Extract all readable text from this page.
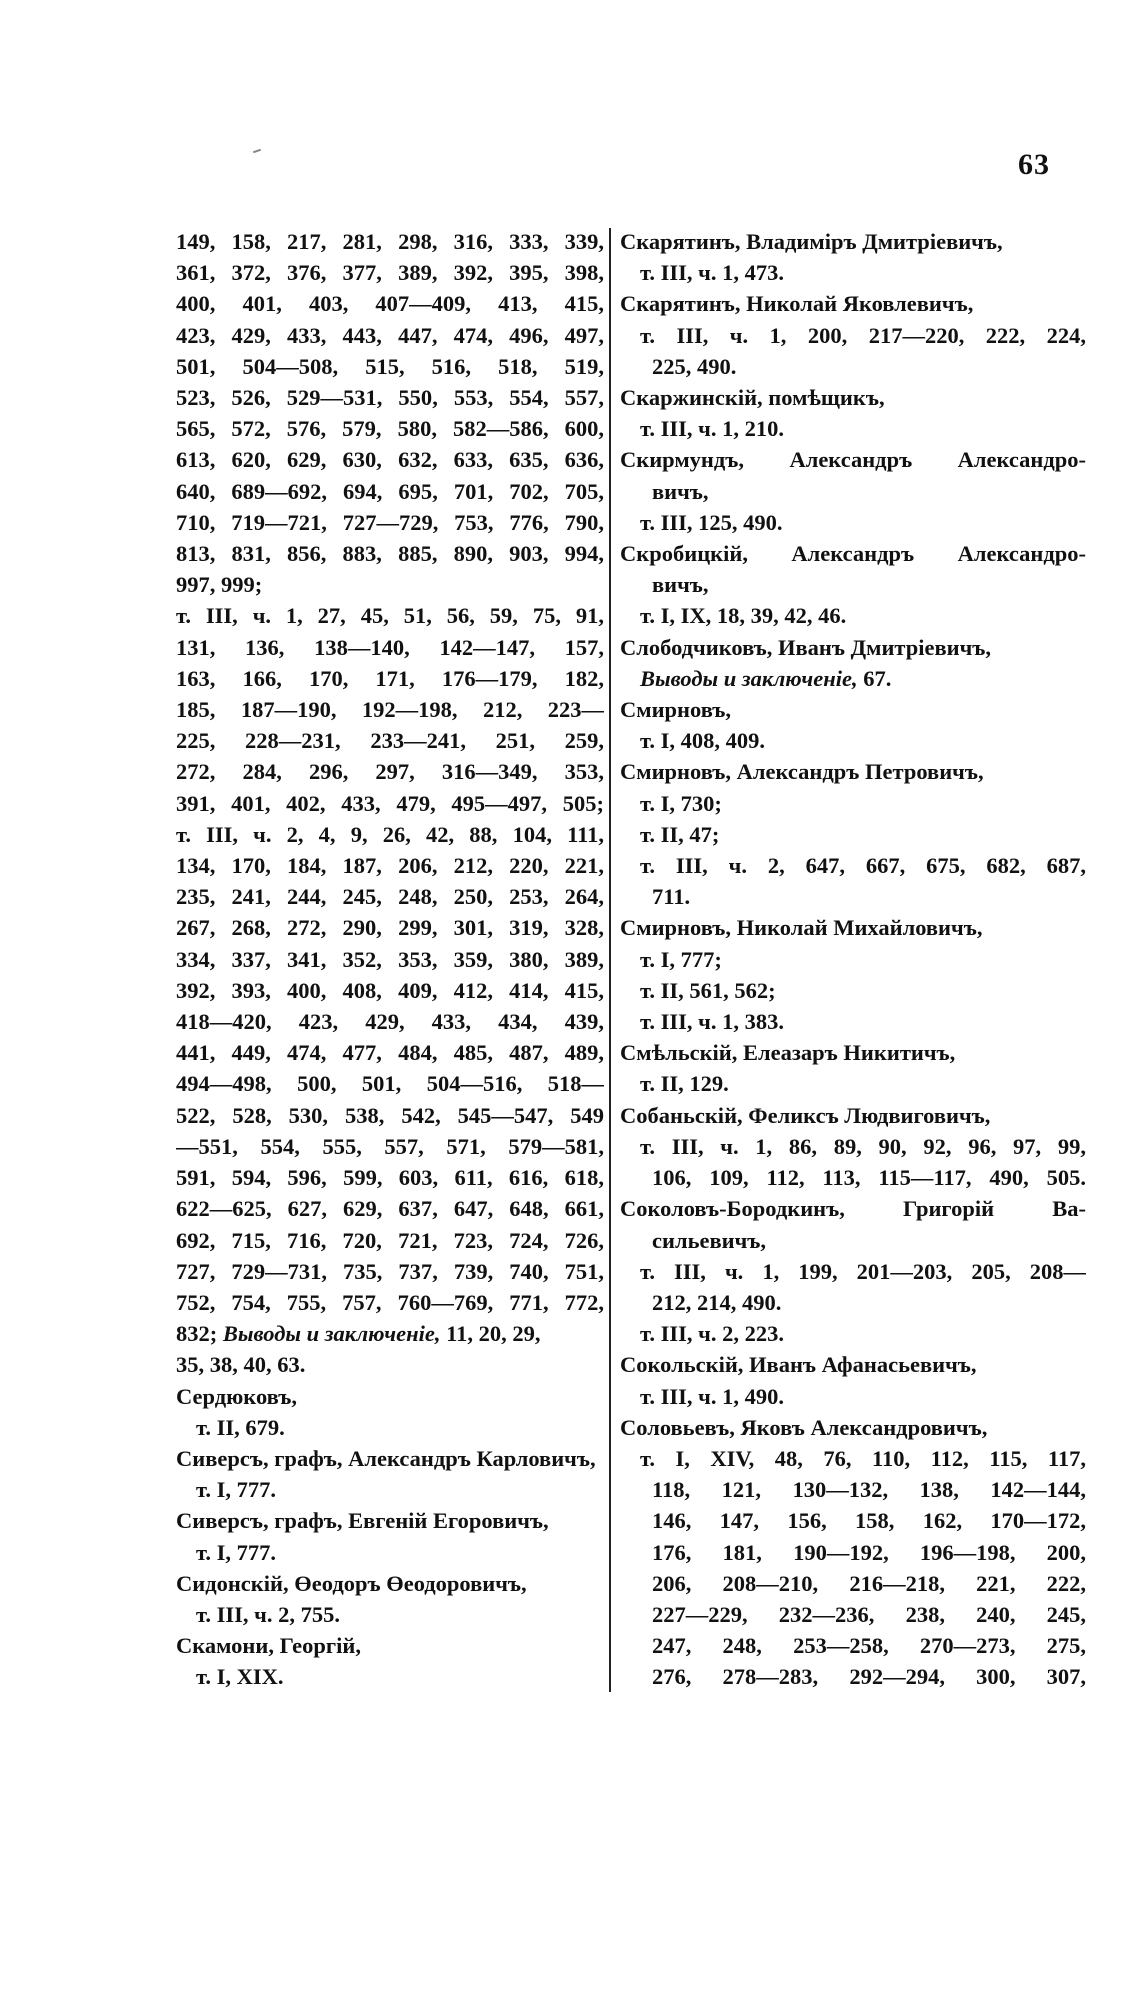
63
149, 158, 217, 281, 298, 316, 333, 339,
361, 372, 376, 377, 389, 392, 395, 398,
400, 401, 403, 407—409, 413, 415,
423, 429, 433, 443, 447, 474, 496, 497,
501, 504—508, 515, 516, 518, 519,
523, 526, 529—531, 550, 553, 554, 557,
565, 572, 576, 579, 580, 582—586, 600,
613, 620, 629, 630, 632, 633, 635, 636,
640, 689—692, 694, 695, 701, 702, 705,
710, 719—721, 727—729, 753, 776, 790,
813, 831, 856, 883, 885, 890, 903, 994,
997, 999;
т. III, ч. 1, 27, 45, 51, 56, 59, 75, 91,
131, 136, 138—140, 142—147, 157,
163, 166, 170, 171, 176—179, 182,
185, 187—190, 192—198, 212, 223—
225, 228—231, 233—241, 251, 259,
272, 284, 296, 297, 316—349, 353,
391, 401, 402, 433, 479, 495—497, 505;
т. III, ч. 2, 4, 9, 26, 42, 88, 104, 111,
134, 170, 184, 187, 206, 212, 220, 221,
235, 241, 244, 245, 248, 250, 253, 264,
267, 268, 272, 290, 299, 301, 319, 328,
334, 337, 341, 352, 353, 359, 380, 389,
392, 393, 400, 408, 409, 412, 414, 415,
418—420, 423, 429, 433, 434, 439,
441, 449, 474, 477, 484, 485, 487, 489,
494—498, 500, 501, 504—516, 518—
522, 528, 530, 538, 542, 545—547, 549
—551, 554, 555, 557, 571, 579—581,
591, 594, 596, 599, 603, 611, 616, 618,
622—625, 627, 629, 637, 647, 648, 661,
692, 715, 716, 720, 721, 723, 724, 726,
727, 729—731, 735, 737, 739, 740, 751,
752, 754, 755, 757, 760—769, 771, 772,
832; Выводы и заключеніе, 11, 20, 29,
35, 38, 40, 63.
Сердюковъ,
т. II, 679.
Сиверсъ, графъ, Александръ Карловичъ,
т. I, 777.
Сиверсъ, графъ, Евгеній Егоровичъ,
т. I, 777.
Сидонскій, Өеодоръ Өеодоровичъ,
т. III, ч. 2, 755.
Скамони, Георгій,
т. I, XIX.
Скарятинъ, Владиміръ Дмитріевичъ,
т. III, ч. 1, 473.
Скарятинъ, Николай Яковлевичъ,
т. III, ч. 1, 200, 217—220, 222, 224,
225, 490.
Скаржинскій, помѣщикъ,
т. III, ч. 1, 210.
Скирмундъ, Александръ Александро-
вичъ,
т. III, 125, 490.
Скробицкій, Александръ Александро-
вичъ,
т. I, IX, 18, 39, 42, 46.
Слободчиковъ, Иванъ Дмитріевичъ,
Выводы и заключеніе, 67.
Смирновъ,
т. I, 408, 409.
Смирновъ, Александръ Петровичъ,
т. I, 730;
т. II, 47;
т. III, ч. 2, 647, 667, 675, 682, 687,
711.
Смирновъ, Николай Михайловичъ,
т. I, 777;
т. II, 561, 562;
т. III, ч. 1, 383.
Смѣльскій, Елеазаръ Никитичъ,
т. II, 129.
Собаньскій, Феликсъ Людвиговичъ,
т. III, ч. 1, 86, 89, 90, 92, 96, 97, 99,
106, 109, 112, 113, 115—117, 490, 505.
Соколовъ-Бородкинъ, Григорій Ва-
сильевичъ,
т. III, ч. 1, 199, 201—203, 205, 208—
212, 214, 490.
т. III, ч. 2, 223.
Сокольскій, Иванъ Афанасьевичъ,
т. III, ч. 1, 490.
Соловьевъ, Яковъ Александровичъ,
т. I, XIV, 48, 76, 110, 112, 115, 117,
118, 121, 130—132, 138, 142—144,
146, 147, 156, 158, 162, 170—172,
176, 181, 190—192, 196—198, 200,
206, 208—210, 216—218, 221, 222,
227—229, 232—236, 238, 240, 245,
247, 248, 253—258, 270—273, 275,
276, 278—283, 292—294, 300, 307,
